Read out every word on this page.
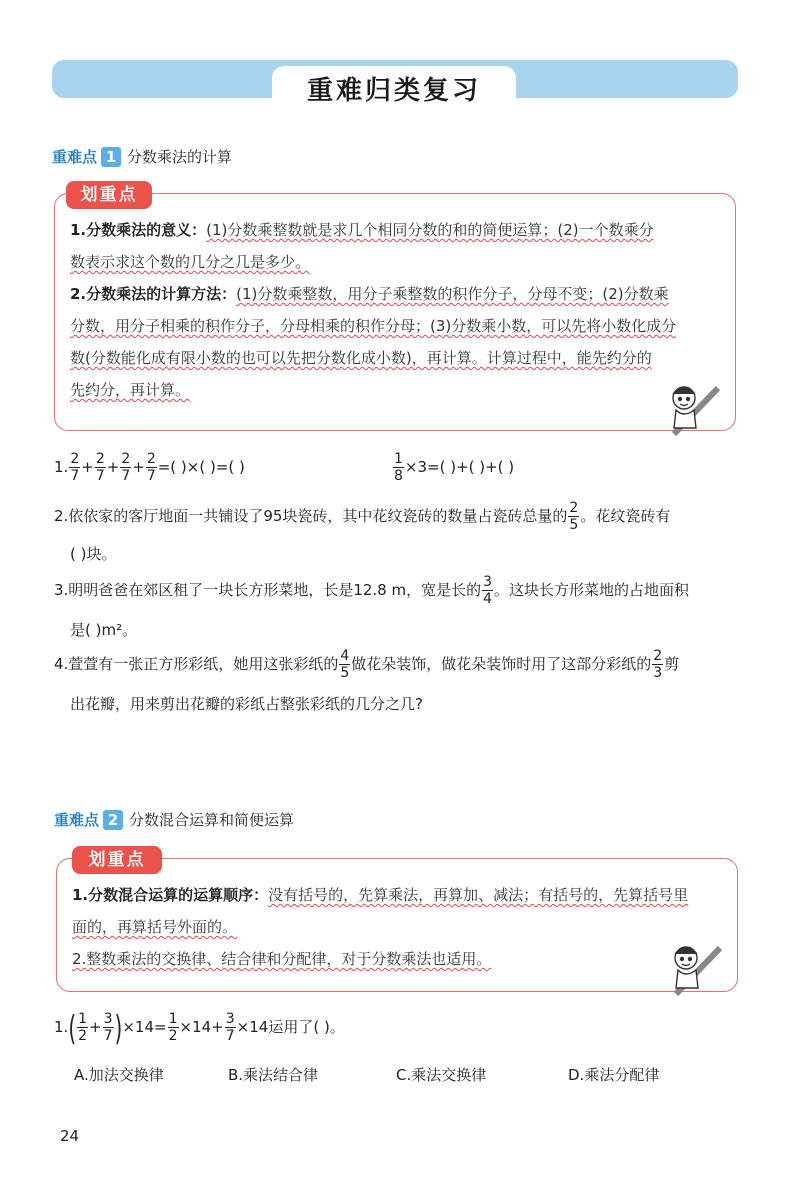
重难归类复习
重难点 1 分数乘法的计算
划重点
1.分数乘法的意义：(1)分数乘整数就是求几个相同分数的和的简便运算；(2)一个数乘分
数表示求这个数的几分之几是多少。
2.分数乘法的计算方法：(1)分数乘整数，用分子乘整数的积作分子，分母不变；(2)分数乘
分数，用分子相乘的积作分子，分母相乘的积作分母；(3)分数乘小数，可以先将小数化成分
数(分数能化成有限小数的也可以先把分数化成小数)，再计算。计算过程中，能先约分的
先约分，再计算。
1. $\frac{2}{7} + \frac{2}{7} + \frac{2}{7} + \frac{2}{7}$ =( )×( )=( )	$\frac{1}{8} \times 3=$( )+( )+( )
2.依依家的客厅地面一共铺设了95块瓷砖，其中花纹瓷砖的数量占瓷砖总量的 $\frac{2}{5}$ 。花纹瓷砖有
( )块。
3.明明爸爸在郊区租了一块长方形菜地，长是12.8 m，宽是长的 $\frac{3}{4}$ 。这块长方形菜地的占地面积
是( )m²。
4.萱萱有一张正方形彩纸，她用这张彩纸的 $\frac{4}{5}$ 做花朵装饰，做花朵装饰时用了这部分彩纸的 $\frac{2}{3}$ 剪
出花瓣，用来剪出花瓣的彩纸占整张彩纸的几分之几?
重难点 2 分数混合运算和简便运算
划重点
1.分数混合运算的运算顺序：没有括号的，先算乘法，再算加、减法；有括号的，先算括号里
面的，再算括号外面的。
2.整数乘法的交换律、结合律和分配律，对于分数乘法也适用。
$1.( \frac{1}{2} + \frac{3}{7} )\times 14= \frac{1}{2} \times 14+ \frac{3}{7} \times 14$运用了( )。
A.加法交换律	B.乘法结合律	C.乘法交换律	D.乘法分配律
24
